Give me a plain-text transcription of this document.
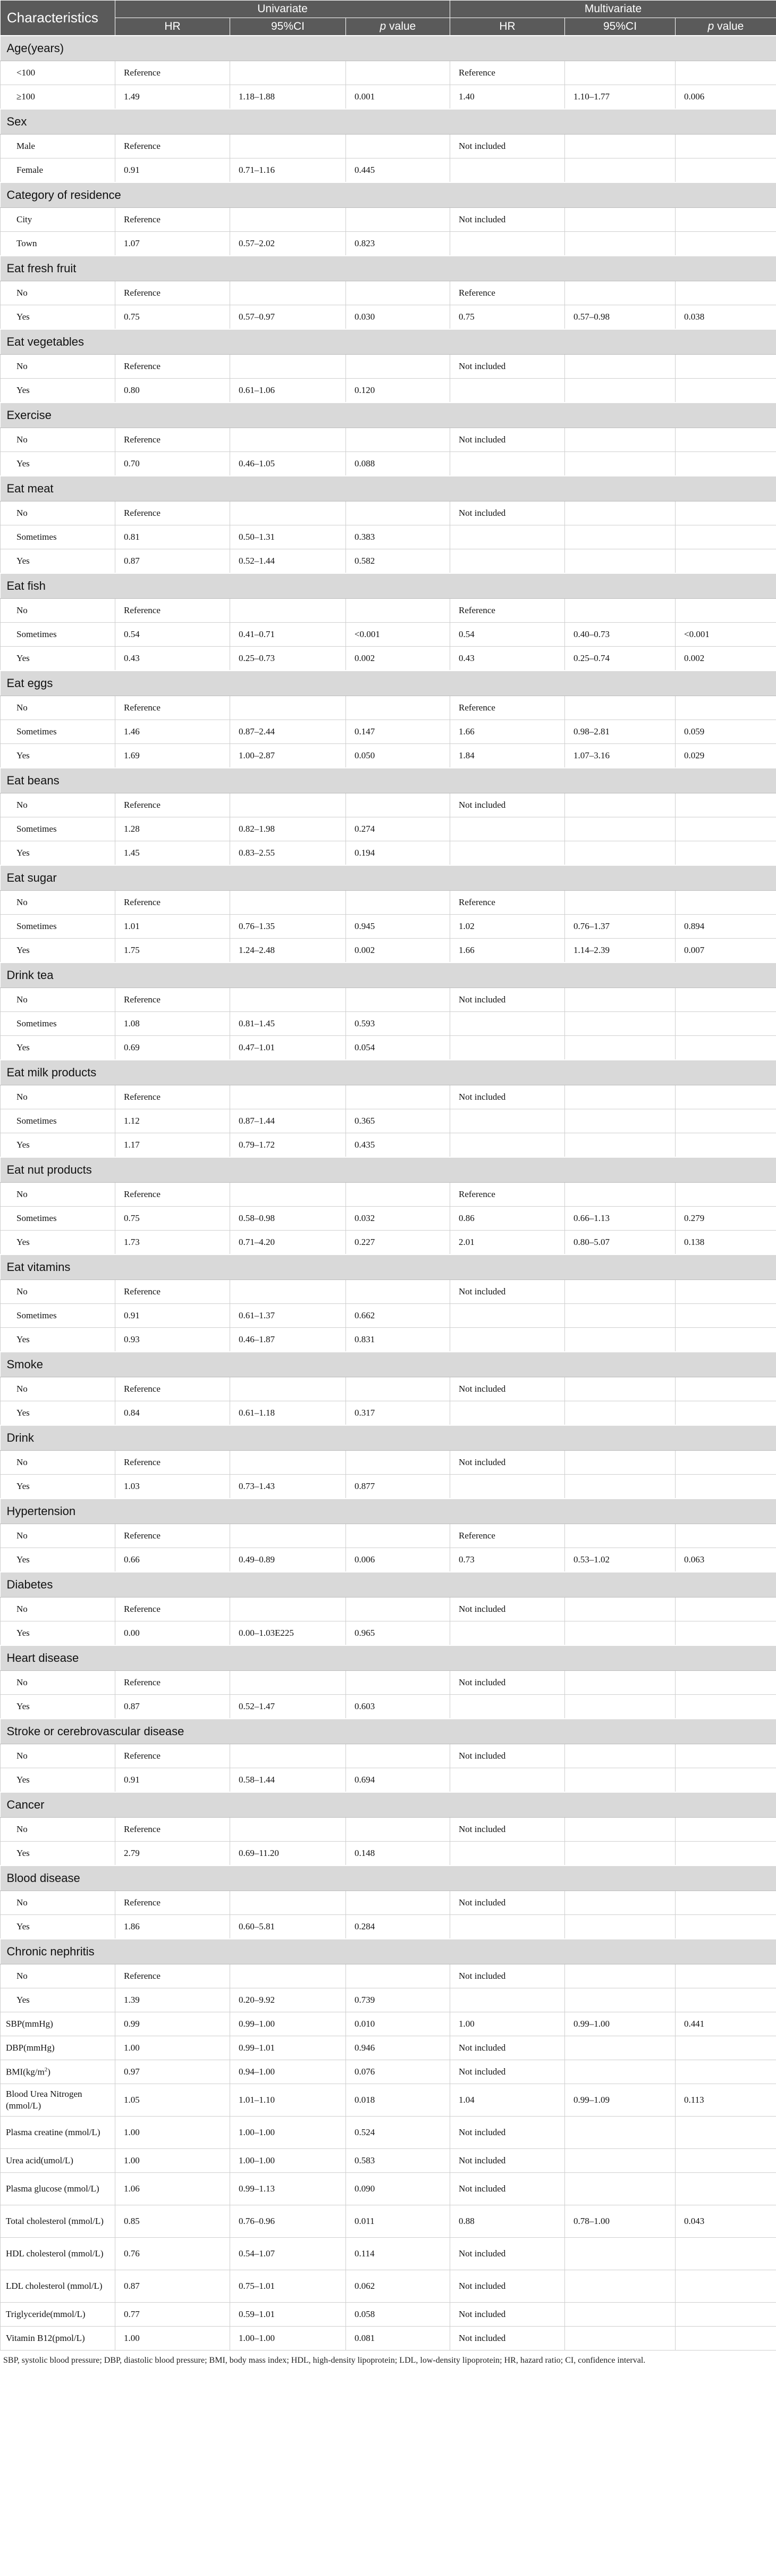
Characteristics	Univariate			Multivariate		
	HR	95%CI	p value	HR	95%CI	p value
Age(years)						
<100	Reference			Reference		
≥100	1.49	1.18–1.88	0.001	1.40	1.10–1.77	0.006
Sex						
Male	Reference			Not included		
Female	0.91	0.71–1.16	0.445			
Category of residence						
City	Reference			Not included		
Town	1.07	0.57–2.02	0.823			
Eat fresh fruit						
No	Reference			Reference		
Yes	0.75	0.57–0.97	0.030	0.75	0.57–0.98	0.038
Eat vegetables						
No	Reference			Not included		
Yes	0.80	0.61–1.06	0.120			
Exercise						
No	Reference			Not included		
Yes	0.70	0.46–1.05	0.088			
Eat meat						
No	Reference			Not included		
Sometimes	0.81	0.50–1.31	0.383			
Yes	0.87	0.52–1.44	0.582			
Eat fish						
No	Reference			Reference		
Sometimes	0.54	0.41–0.71	<0.001	0.54	0.40–0.73	<0.001
Yes	0.43	0.25–0.73	0.002	0.43	0.25–0.74	0.002
Eat eggs						
No	Reference			Reference		
Sometimes	1.46	0.87–2.44	0.147	1.66	0.98–2.81	0.059
Yes	1.69	1.00–2.87	0.050	1.84	1.07–3.16	0.029
Eat beans						
No	Reference			Not included		
Sometimes	1.28	0.82–1.98	0.274			
Yes	1.45	0.83–2.55	0.194			
Eat sugar						
No	Reference			Reference		
Sometimes	1.01	0.76–1.35	0.945	1.02	0.76–1.37	0.894
Yes	1.75	1.24–2.48	0.002	1.66	1.14–2.39	0.007
Drink tea						
No	Reference			Not included		
Sometimes	1.08	0.81–1.45	0.593			
Yes	0.69	0.47–1.01	0.054			
Eat milk products						
No	Reference			Not included		
Sometimes	1.12	0.87–1.44	0.365			
Yes	1.17	0.79–1.72	0.435			
Eat nut products						
No	Reference			Reference		
Sometimes	0.75	0.58–0.98	0.032	0.86	0.66–1.13	0.279
Yes	1.73	0.71–4.20	0.227	2.01	0.80–5.07	0.138
Eat vitamins						
No	Reference			Not included		
Sometimes	0.91	0.61–1.37	0.662			
Yes	0.93	0.46–1.87	0.831			
Smoke						
No	Reference			Not included		
Yes	0.84	0.61–1.18	0.317			
Drink						
No	Reference			Not included		
Yes	1.03	0.73–1.43	0.877			
Hypertension						
No	Reference			Reference		
Yes	0.66	0.49–0.89	0.006	0.73	0.53–1.02	0.063
Diabetes						
No	Reference			Not included		
Yes	0.00	0.00–1.03E225	0.965			
Heart disease						
No	Reference			Not included		
Yes	0.87	0.52–1.47	0.603			
Stroke or cerebrovascular disease						
No	Reference			Not included		
Yes	0.91	0.58–1.44	0.694			
Cancer						
No	Reference			Not included		
Yes	2.79	0.69–11.20	0.148			
Blood disease						
No	Reference			Not included		
Yes	1.86	0.60–5.81	0.284			
Chronic nephritis						
No	Reference			Not included		
Yes	1.39	0.20–9.92	0.739			
SBP(mmHg)	0.99	0.99–1.00	0.010	1.00	0.99–1.00	0.441
DBP(mmHg)	1.00	0.99–1.01	0.946	Not included		
$BMI(kg/m^2)$	0.97	0.94–1.00	0.076	Not included		
Blood Urea Nitrogen (mmol/L)	1.05	1.01–1.10	0.018	1.04	0.99–1.09	0.113
Plasma creatine (mmol/L)	1.00	1.00–1.00	0.524	Not included		
Urea acid(umol/L)	1.00	1.00–1.00	0.583	Not included		
Plasma glucose (mmol/L)	1.06	0.99–1.13	0.090	Not included		
Total cholesterol (mmol/L)	0.85	0.76–0.96	0.011	0.88	0.78–1.00	0.043
HDL cholesterol (mmol/L)	0.76	0.54–1.07	0.114	Not included		
LDL cholesterol (mmol/L)	0.87	0.75–1.01	0.062	Not included		
Triglyceride(mmol/L)	0.77	0.59–1.01	0.058	Not included		
Vitamin B12(pmol/L)	1.00	1.00–1.00	0.081	Not included		
SBP, systolic blood pressure; DBP, diastolic blood pressure; BMI, body mass index; HDL, high-density lipoprotein; LDL, low-density lipoprotein; HR, hazard ratio; CI, confidence interval.
